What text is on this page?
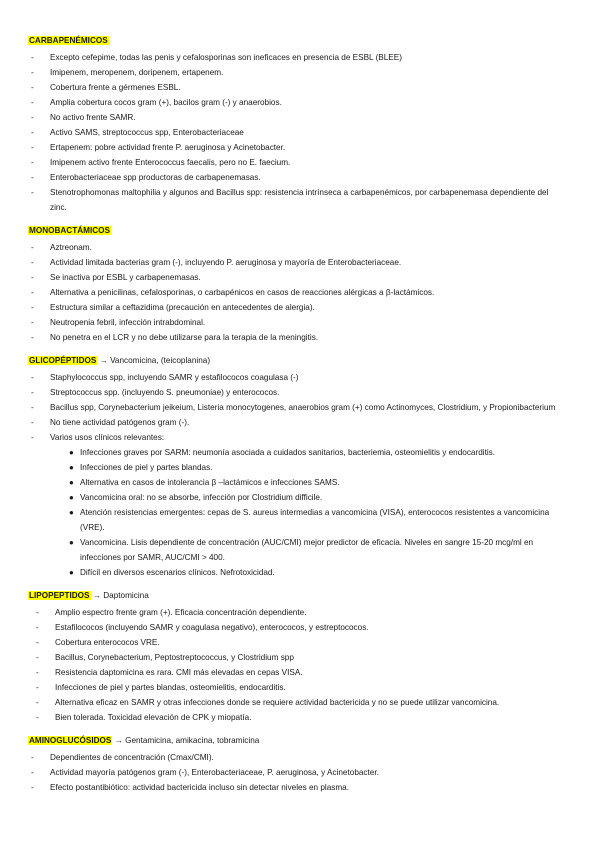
CARBAPENÉMICOS
- Excepto cefepime, todas las penis y cefalosporinas son ineficaces en presencia de ESBL (BLEE)
- Imipenem, meropenem, doripenem, ertapenem.
- Cobertura frente a gérmenes ESBL.
- Amplia cobertura cocos gram (+), bacilos gram (-) y anaerobios.
- No activo frente SAMR.
- Activo SAMS, streptococcus spp, Enterobacteriaceae
- Ertapenem: pobre actividad frente P. aeruginosa y Acinetobacter.
- Imipenem activo frente Enterococcus faecalis, pero no E. faecium.
- Enterobacteriaceae spp productoras de carbapenemasas.
- Stenotrophomonas maltophilia y algunos and Bacillus spp: resistencia intrínseca a carbapenémicos, por carbapenemasa dependiente del zinc.
MONOBACTÁMICOS
- Aztreonam.
- Actividad limitada bacterias gram (-), incluyendo P. aeruginosa y mayoría de Enterobacteriaceae.
- Se inactiva por ESBL y carbapenemasas.
- Alternativa a penicilinas, cefalosporinas, o carbapénicos en casos de reacciones alérgicas a β-lactámicos.
- Estructura similar a ceftazidima (precaución en antecedentes de alergia).
- Neutropenia febril, infección intrabdominal.
- No penetra en el LCR y no debe utilizarse para la terapia de la meningitis.
GLICOPÉPTIDOS → Vancomicina, (teicoplanina)
- Staphylococcus spp, incluyendo SAMR y estafilococos coagulasa (-)
- Streptococcus spp. (incluyendo S. pneumoniae) y enterococos.
- Bacillus spp, Corynebacterium jeikeium, Listeria monocytogenes, anaerobios gram (+) como Actinomyces, Clostridium, y Propionibacterium
- No tiene actividad patógenos gram (-).
- Varios usos clínicos relevantes:
● Infecciones graves por SARM: neumonía asociada a cuidados sanitarios, bacteriemia, osteomielitis y endocarditis.
● Infecciones de piel y partes blandas.
● Alternativa en casos de intolerancia β –lactámicos e infecciones SAMS.
● Vancomicina oral: no se absorbe, infección por Clostridium difficile.
● Atención resistencias emergentes: cepas de S. aureus intermedias a vancomicina (VISA), enterococos resistentes a vancomicina (VRE).
● Vancomicina. Lisis dependiente de concentración (AUC/CMI) mejor predictor de eficacia. Niveles en sangre 15-20 mcg/ml en infecciones por SAMR, AUC/CMI > 400.
● Difícil en diversos escenarios clínicos. Nefrotoxicidad.
LIPOPEPTIDOS → Daptomicina
- Amplio espectro frente gram (+). Eficacia concentración dependiente.
- Estafilococos (incluyendo SAMR y coagulasa negativo), enterococos, y estreptococos.
- Cobertura enterococos VRE.
- Bacillus, Corynebacterium, Peptostreptococcus, y Clostridium spp
- Resistencia daptomicina es rara. CMI más elevadas en cepas VISA.
- Infecciones de piel y partes blandas, osteomielitis, endocarditis.
- Alternativa eficaz en SAMR y otras infecciones donde se requiere actividad bactericida y no se puede utilizar vancomicina.
- Bien tolerada. Toxicidad elevación de CPK y miopatía.
AMINOGLUCÓSIDOS → Gentamicina, amikacina, tobramicina
- Dependientes de concentración (Cmax/CMI).
- Actividad mayoría patógenos gram (-), Enterobacteriaceae, P. aeruginosa, y Acinetobacter.
- Efecto postantibiótico: actividad bactericida incluso sin detectar niveles en plasma.
